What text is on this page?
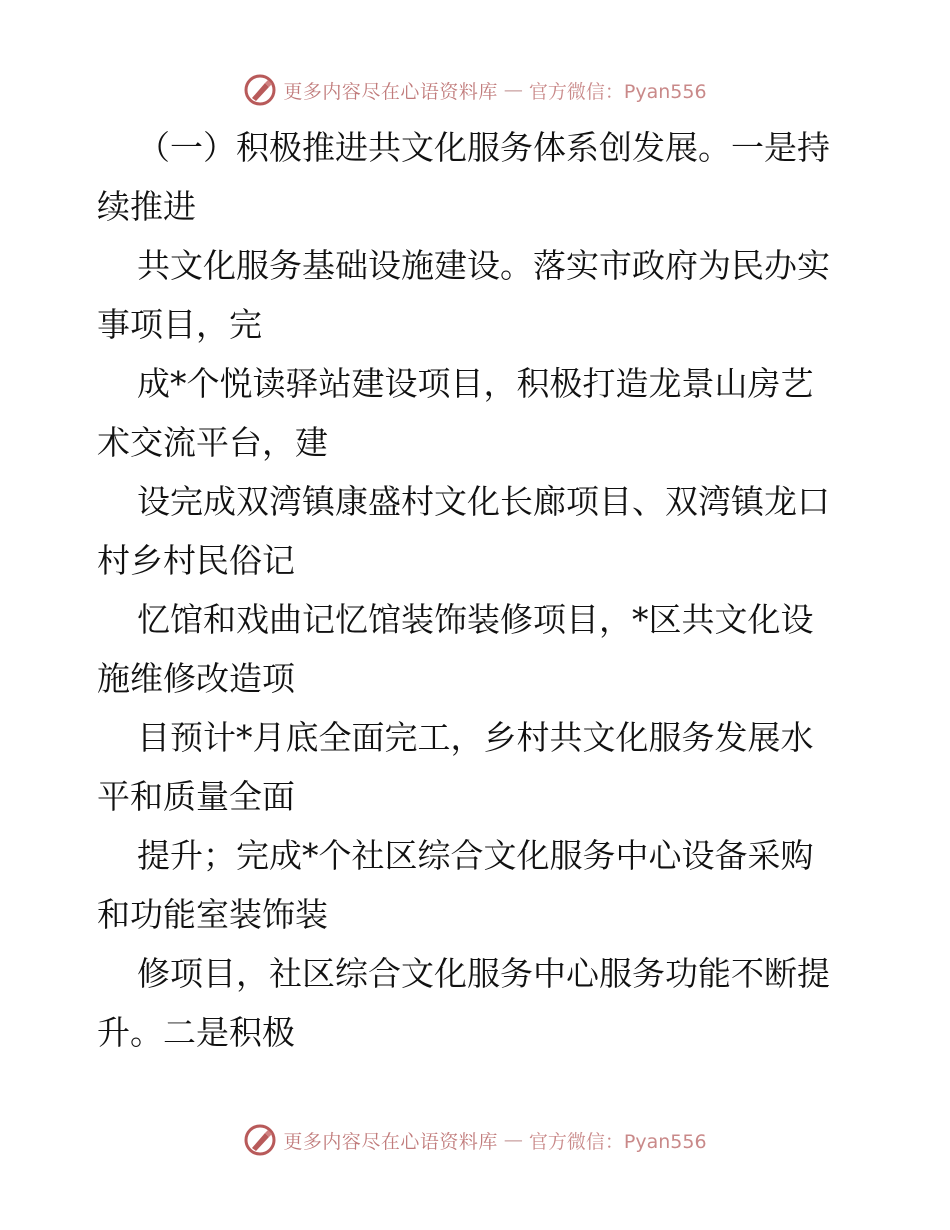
更多内容尽在心语资料库 — 官方微信：Pyan556

（一）积极推进共文化服务体系创发展。一是持
续推进

共文化服务基础设施建设。落实市政府为民办实
事项目，完

成*个悦读驿站建设项目，积极打造龙景山房艺
术交流平台，建

设完成双湾镇康盛村文化长廊项目、双湾镇龙口
村乡村民俗记

忆馆和戏曲记忆馆装饰装修项目，*区共文化设
施维修改造项

目预计*月底全面完工，乡村共文化服务发展水
平和质量全面

提升；完成*个社区综合文化服务中心设备采购
和功能室装饰装

修项目，社区综合文化服务中心服务功能不断提
升。二是积极

更多内容尽在心语资料库 — 官方微信：Pyan556
